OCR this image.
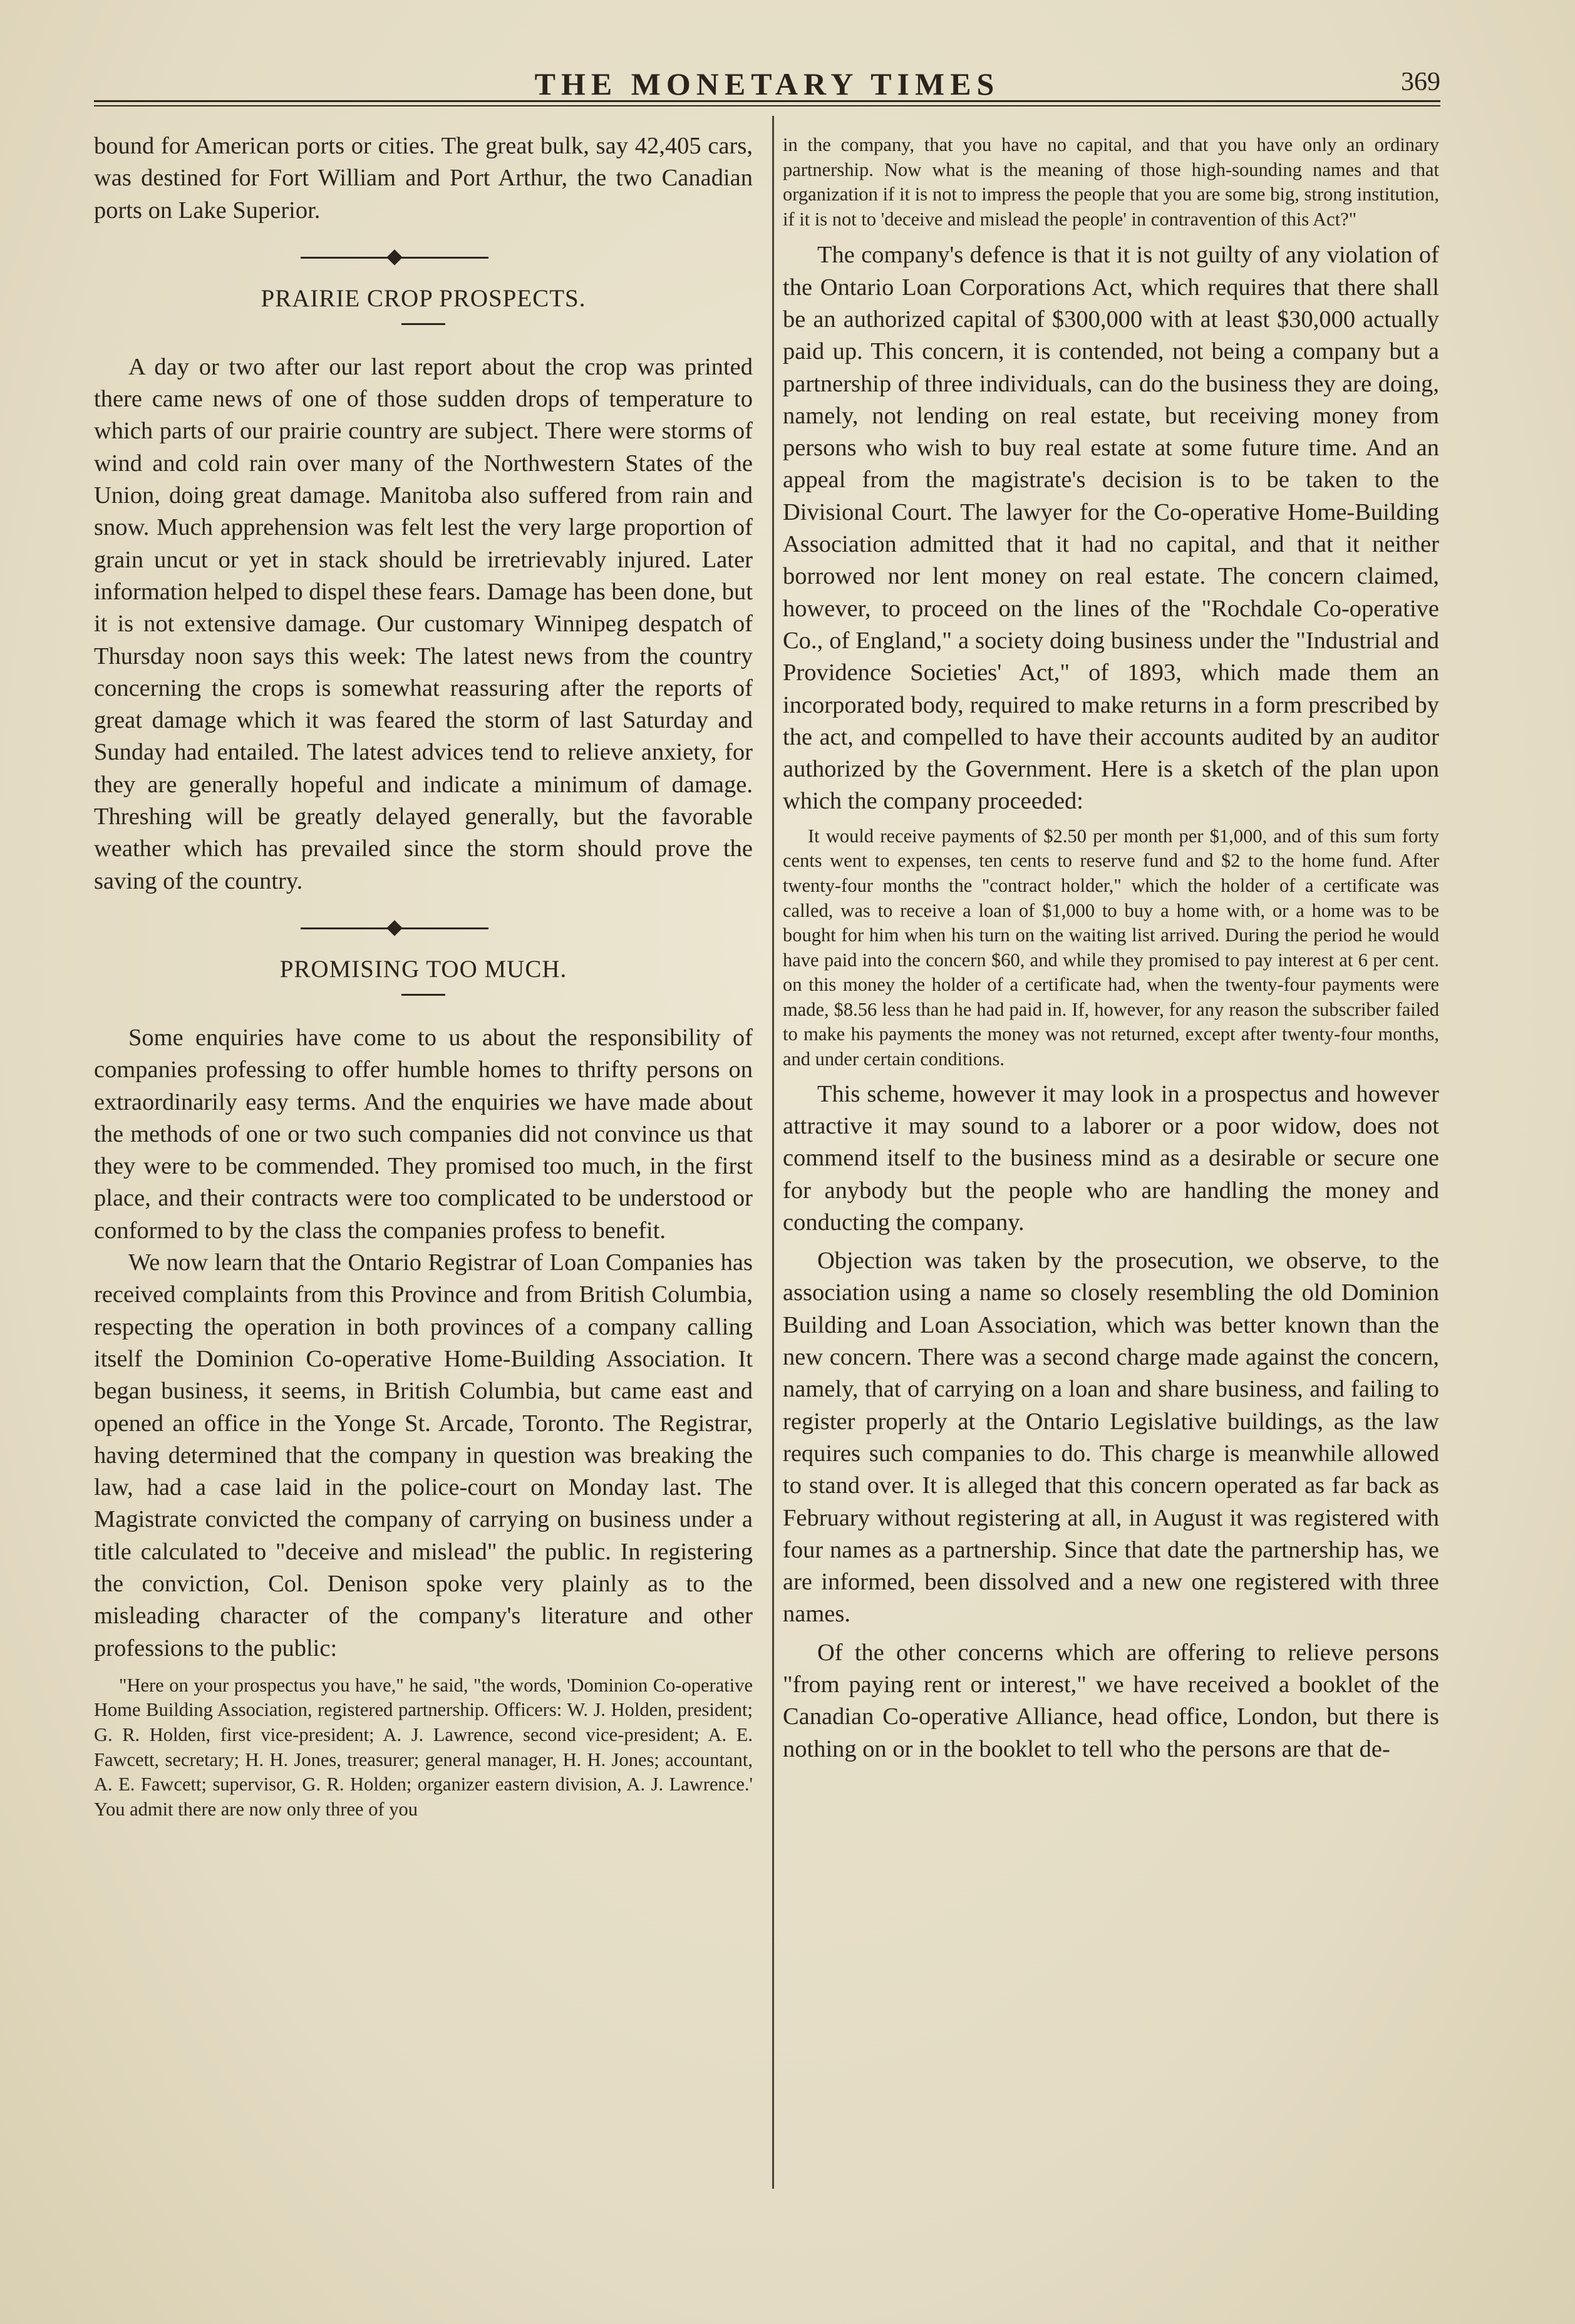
THE MONETARY TIMES	369

bound for American ports or cities. The great bulk, say 42,405 cars, was destined for Fort William and Port Arthur, the two Canadian ports on Lake Superior.

PRAIRIE CROP PROSPECTS.

A day or two after our last report about the crop was printed there came news of one of those sudden drops of temperature to which parts of our prairie country are subject. There were storms of wind and cold rain over many of the Northwestern States of the Union, doing great damage. Manitoba also suffered from rain and snow. Much apprehension was felt lest the very large proportion of grain uncut or yet in stack should be irretrievably injured. Later information helped to dispel these fears. Damage has been done, but it is not extensive damage. Our customary Winnipeg despatch of Thursday noon says this week: The latest news from the country concerning the crops is somewhat reassuring after the reports of great damage which it was feared the storm of last Saturday and Sunday had entailed. The latest advices tend to relieve anxiety, for they are generally hopeful and indicate a minimum of damage. Threshing will be greatly delayed generally, but the favorable weather which has prevailed since the storm should prove the saving of the country.

PROMISING TOO MUCH.

Some enquiries have come to us about the responsibility of companies professing to offer humble homes to thrifty persons on extraordinarily easy terms. And the enquiries we have made about the methods of one or two such companies did not convince us that they were to be commended. They promised too much, in the first place, and their contracts were too complicated to be understood or conformed to by the class the companies profess to benefit.

We now learn that the Ontario Registrar of Loan Companies has received complaints from this Province and from British Columbia, respecting the operation in both provinces of a company calling itself the Dominion Co-operative Home-Building Association. It began business, it seems, in British Columbia, but came east and opened an office in the Yonge St. Arcade, Toronto. The Registrar, having determined that the company in question was breaking the law, had a case laid in the police-court on Monday last. The Magistrate convicted the company of carrying on business under a title calculated to "deceive and mislead" the public. In registering the conviction, Col. Denison spoke very plainly as to the misleading character of the company's literature and other professions to the public:

"Here on your prospectus you have," he said, "the words, 'Dominion Co-operative Home Building Association, registered partnership. Officers: W. J. Holden, president; G. R. Holden, first vice-president; A. J. Lawrence, second vice-president; A. E. Fawcett, secretary; H. H. Jones, treasurer; general manager, H. H. Jones; accountant, A. E. Fawcett; supervisor, G. R. Holden; organizer eastern division, A. J. Lawrence.' You admit there are now only three of you

in the company, that you have no capital, and that you have only an ordinary partnership. Now what is the meaning of those high-sounding names and that organization if it is not to impress the people that you are some big, strong institution, if it is not to 'deceive and mislead the people' in contravention of this Act?"

The company's defence is that it is not guilty of any violation of the Ontario Loan Corporations Act, which requires that there shall be an authorized capital of $300,000 with at least $30,000 actually paid up. This concern, it is contended, not being a company but a partnership of three individuals, can do the business they are doing, namely, not lending on real estate, but receiving money from persons who wish to buy real estate at some future time. And an appeal from the magistrate's decision is to be taken to the Divisional Court. The lawyer for the Co-operative Home-Building Association admitted that it had no capital, and that it neither borrowed nor lent money on real estate. The concern claimed, however, to proceed on the lines of the "Rochdale Co-operative Co., of England," a society doing business under the "Industrial and Providence Societies' Act," of 1893, which made them an incorporated body, required to make returns in a form prescribed by the act, and compelled to have their accounts audited by an auditor authorized by the Government. Here is a sketch of the plan upon which the company proceeded:

It would receive payments of $2.50 per month per $1,000, and of this sum forty cents went to expenses, ten cents to reserve fund and $2 to the home fund. After twenty-four months the "contract holder," which the holder of a certificate was called, was to receive a loan of $1,000 to buy a home with, or a home was to be bought for him when his turn on the waiting list arrived. During the period he would have paid into the concern $60, and while they promised to pay interest at 6 per cent. on this money the holder of a certificate had, when the twenty-four payments were made, $8.56 less than he had paid in. If, however, for any reason the subscriber failed to make his payments the money was not returned, except after twenty-four months, and under certain conditions.

This scheme, however it may look in a prospectus and however attractive it may sound to a laborer or a poor widow, does not commend itself to the business mind as a desirable or secure one for anybody but the people who are handling the money and conducting the company.

Objection was taken by the prosecution, we observe, to the association using a name so closely resembling the old Dominion Building and Loan Association, which was better known than the new concern. There was a second charge made against the concern, namely, that of carrying on a loan and share business, and failing to register properly at the Ontario Legislative buildings, as the law requires such companies to do. This charge is meanwhile allowed to stand over. It is alleged that this concern operated as far back as February without registering at all, in August it was registered with four names as a partnership. Since that date the partnership has, we are informed, been dissolved and a new one registered with three names.

Of the other concerns which are offering to relieve persons "from paying rent or interest," we have received a booklet of the Canadian Co-operative Alliance, head office, London, but there is nothing on or in the booklet to tell who the persons are that de-
